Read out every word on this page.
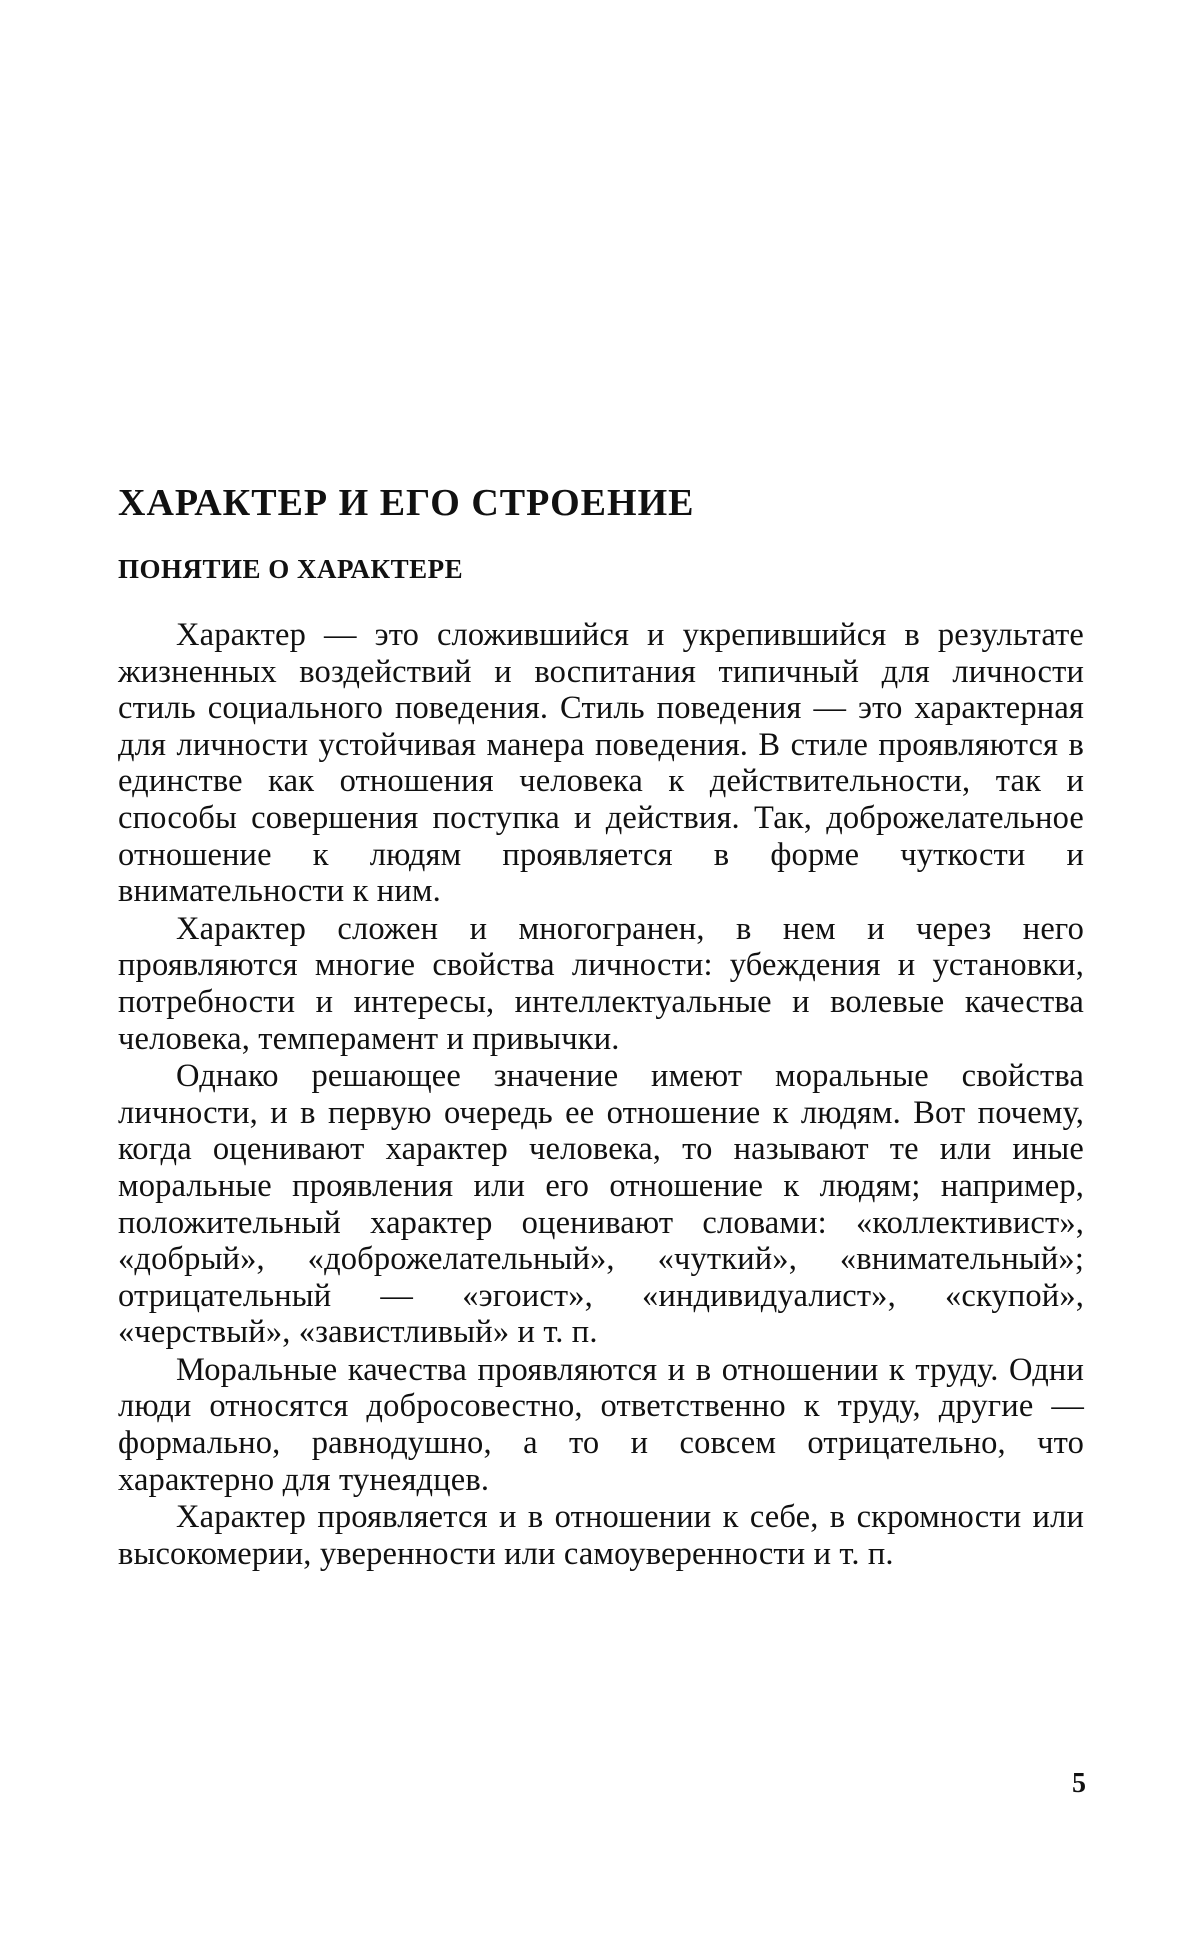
ХАРАКТЕР И ЕГО СТРОЕНИЕ
ПОНЯТИЕ О ХАРАКТЕРЕ

Характер — это сложившийся и укрепившийся в результате жизненных воздействий и воспитания типичный для личности стиль социального поведения. Стиль поведения — это характерная для личности устойчивая манера поведения. В стиле проявляются в единстве как отношения человека к действительности, так и способы совершения поступка и действия. Так, доброжелательное отношение к людям проявляется в форме чуткости и внимательности к ним.

Характер сложен и многогранен, в нем и через него проявляются многие свойства личности: убеждения и установки, потребности и интересы, интеллектуальные и волевые качества человека, темперамент и привычки.

Однако решающее значение имеют моральные свойства личности, и в первую очередь ее отношение к людям. Вот почему, когда оценивают характер человека, то называют те или иные моральные проявления или его отношение к людям; например, положительный характер оценивают словами: «коллективист», «добрый», «доброжелательный», «чуткий», «внимательный»; отрицательный — «эгоист», «индивидуалист», «скупой», «черствый», «завистливый» и т. п.

Моральные качества проявляются и в отношении к труду. Одни люди относятся добросовестно, ответственно к труду, другие — формально, равнодушно, а то и совсем отрицательно, что характерно для тунеядцев.

Характер проявляется и в отношении к себе, в скромности или высокомерии, уверенности или самоуверенности и т. п.

5
